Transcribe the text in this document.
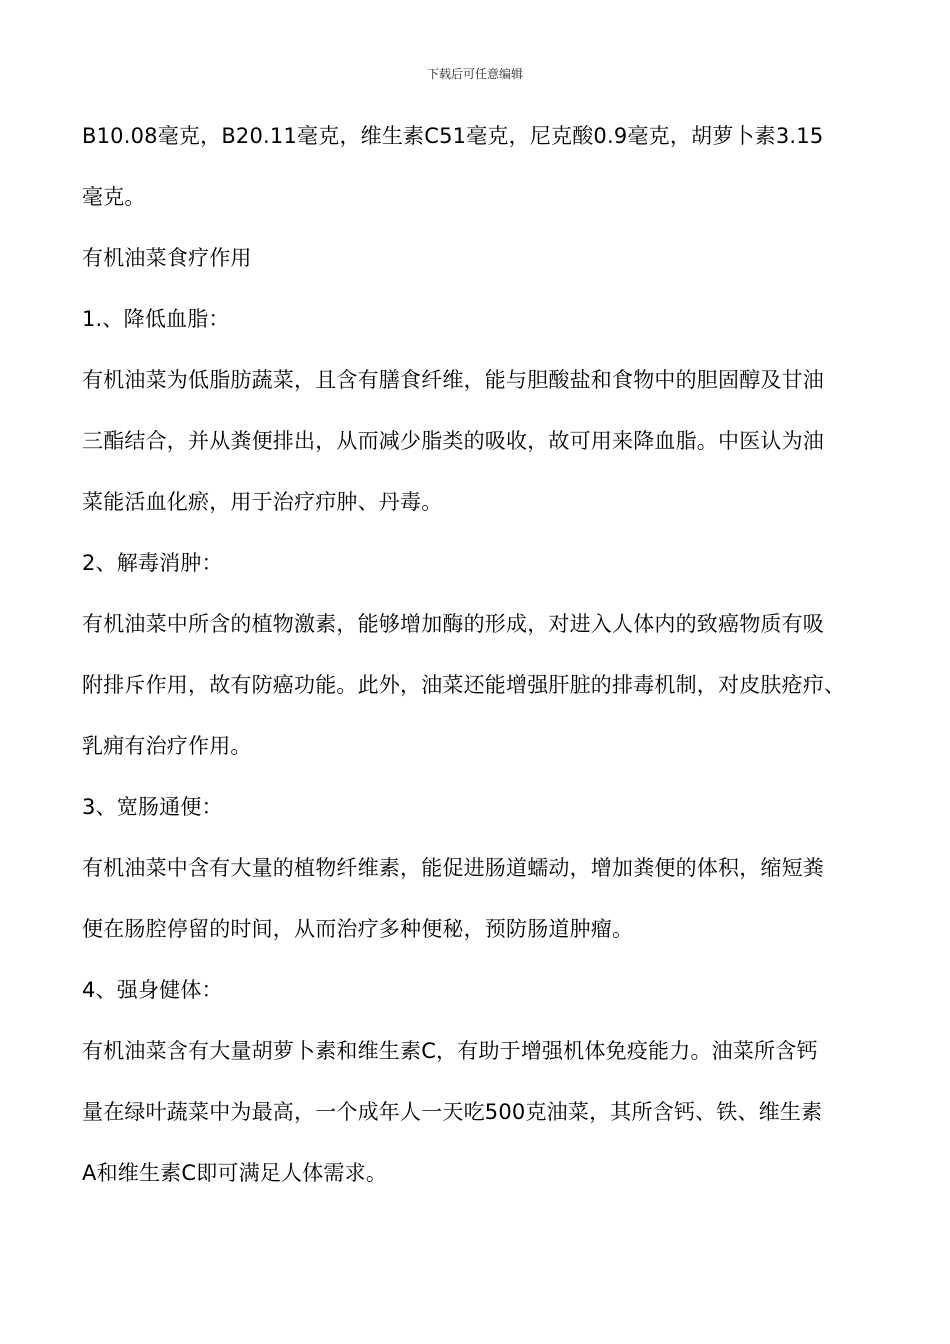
下载后可任意编辑
B10.08毫克，B20.11毫克，维生素C51毫克，尼克酸0.9毫克，胡萝卜素3.15
毫克。
有机油菜食疗作用
1.、降低血脂：
有机油菜为低脂肪蔬菜，且含有膳食纤维，能与胆酸盐和食物中的胆固醇及甘油
三酯结合，并从粪便排出，从而减少脂类的吸收，故可用来降血脂。中医认为油
菜能活血化瘀，用于治疗疖肿、丹毒。
2、解毒消肿：
有机油菜中所含的植物激素，能够增加酶的形成，对进入人体内的致癌物质有吸
附排斥作用，故有防癌功能。此外，油菜还能增强肝脏的排毒机制，对皮肤疮疖、
乳痈有治疗作用。
3、宽肠通便：
有机油菜中含有大量的植物纤维素，能促进肠道蠕动，增加粪便的体积，缩短粪
便在肠腔停留的时间，从而治疗多种便秘，预防肠道肿瘤。
4、强身健体：
有机油菜含有大量胡萝卜素和维生素C，有助于增强机体免疫能力。油菜所含钙
量在绿叶蔬菜中为最高，一个成年人一天吃500克油菜，其所含钙、铁、维生素
A和维生素C即可满足人体需求。
